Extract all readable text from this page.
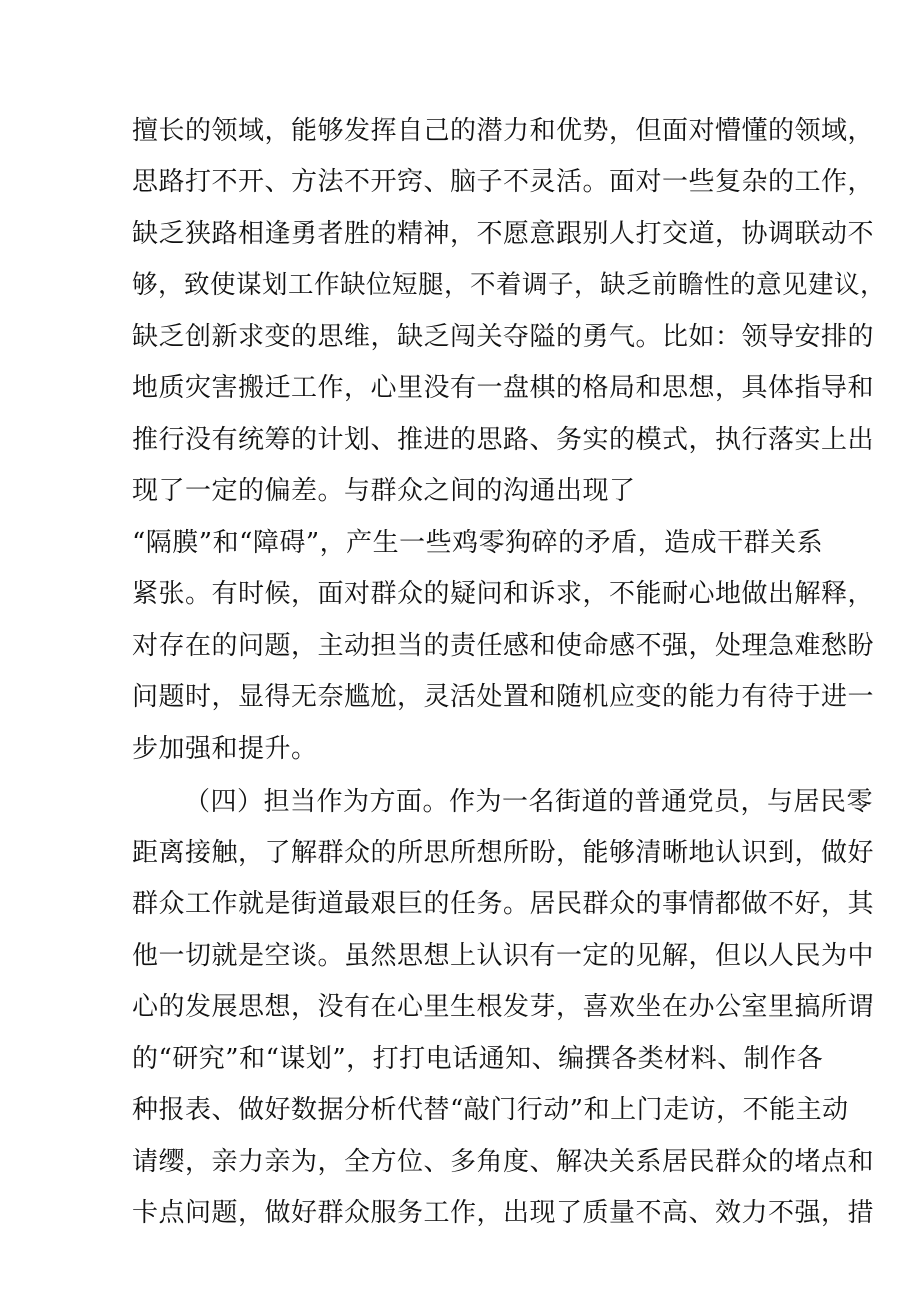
擅长的领域，能够发挥自己的潜力和优势，但面对懵懂的领域，
思路打不开、方法不开窍、脑子不灵活。面对一些复杂的工作，
缺乏狭路相逢勇者胜的精神，不愿意跟别人打交道，协调联动不
够，致使谋划工作缺位短腿，不着调子，缺乏前瞻性的意见建议，
缺乏创新求变的思维，缺乏闯关夺隘的勇气。比如：领导安排的
地质灾害搬迁工作，心里没有一盘棋的格局和思想，具体指导和
推行没有统筹的计划、推进的思路、务实的模式，执行落实上出
现了一定的偏差。与群众之间的沟通出现了
“隔膜”和“障碍”，产生一些鸡零狗碎的矛盾，造成干群关系
紧张。有时候，面对群众的疑问和诉求，不能耐心地做出解释，
对存在的问题，主动担当的责任感和使命感不强，处理急难愁盼
问题时，显得无奈尴尬，灵活处置和随机应变的能力有待于进一
步加强和提升。
（四）担当作为方面。作为一名街道的普通党员，与居民零
距离接触，了解群众的所思所想所盼，能够清晰地认识到，做好
群众工作就是街道最艰巨的任务。居民群众的事情都做不好，其
他一切就是空谈。虽然思想上认识有一定的见解，但以人民为中
心的发展思想，没有在心里生根发芽，喜欢坐在办公室里搞所谓
的“研究”和“谋划”，打打电话通知、编撰各类材料、制作各
种报表、做好数据分析代替“敲门行动”和上门走访，不能主动
请缨，亲力亲为，全方位、多角度、解决关系居民群众的堵点和
卡点问题，做好群众服务工作，出现了质量不高、效力不强，措
